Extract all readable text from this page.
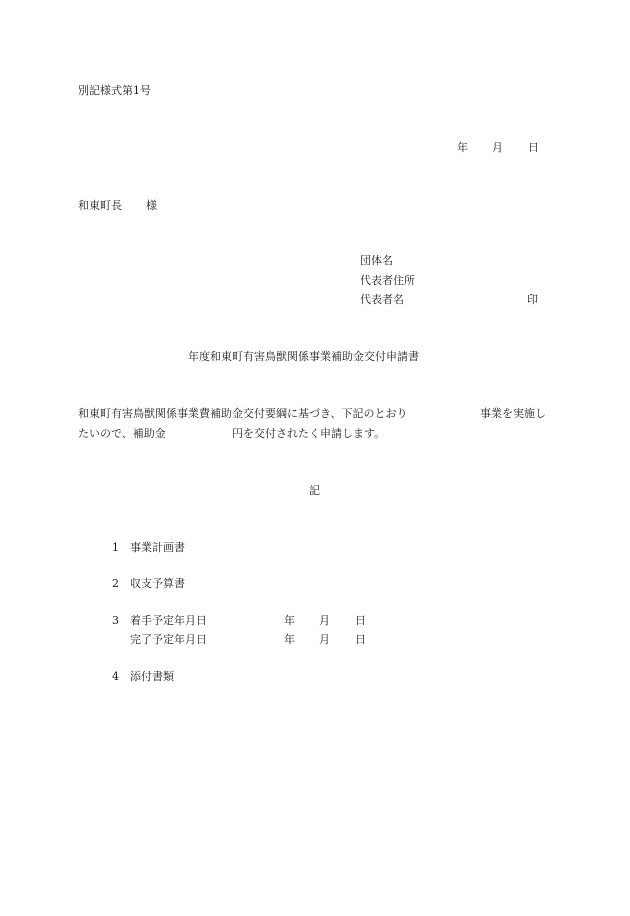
別記様式第1号
年 月 日
和東町長 様
団体名
代表者住所
代表者名	印
年度和東町有害鳥獣関係事業補助金交付申請書
和東町有害鳥獣関係事業費補助金交付要綱に基づき、下記のとおり	事業を実施し
たいので、補助金	円を交付されたく申請します。
記
1 事業計画書
2 収支予算書
3 着手予定年月日	年 月 日
完了予定年月日	年 月 日
4 添付書類
